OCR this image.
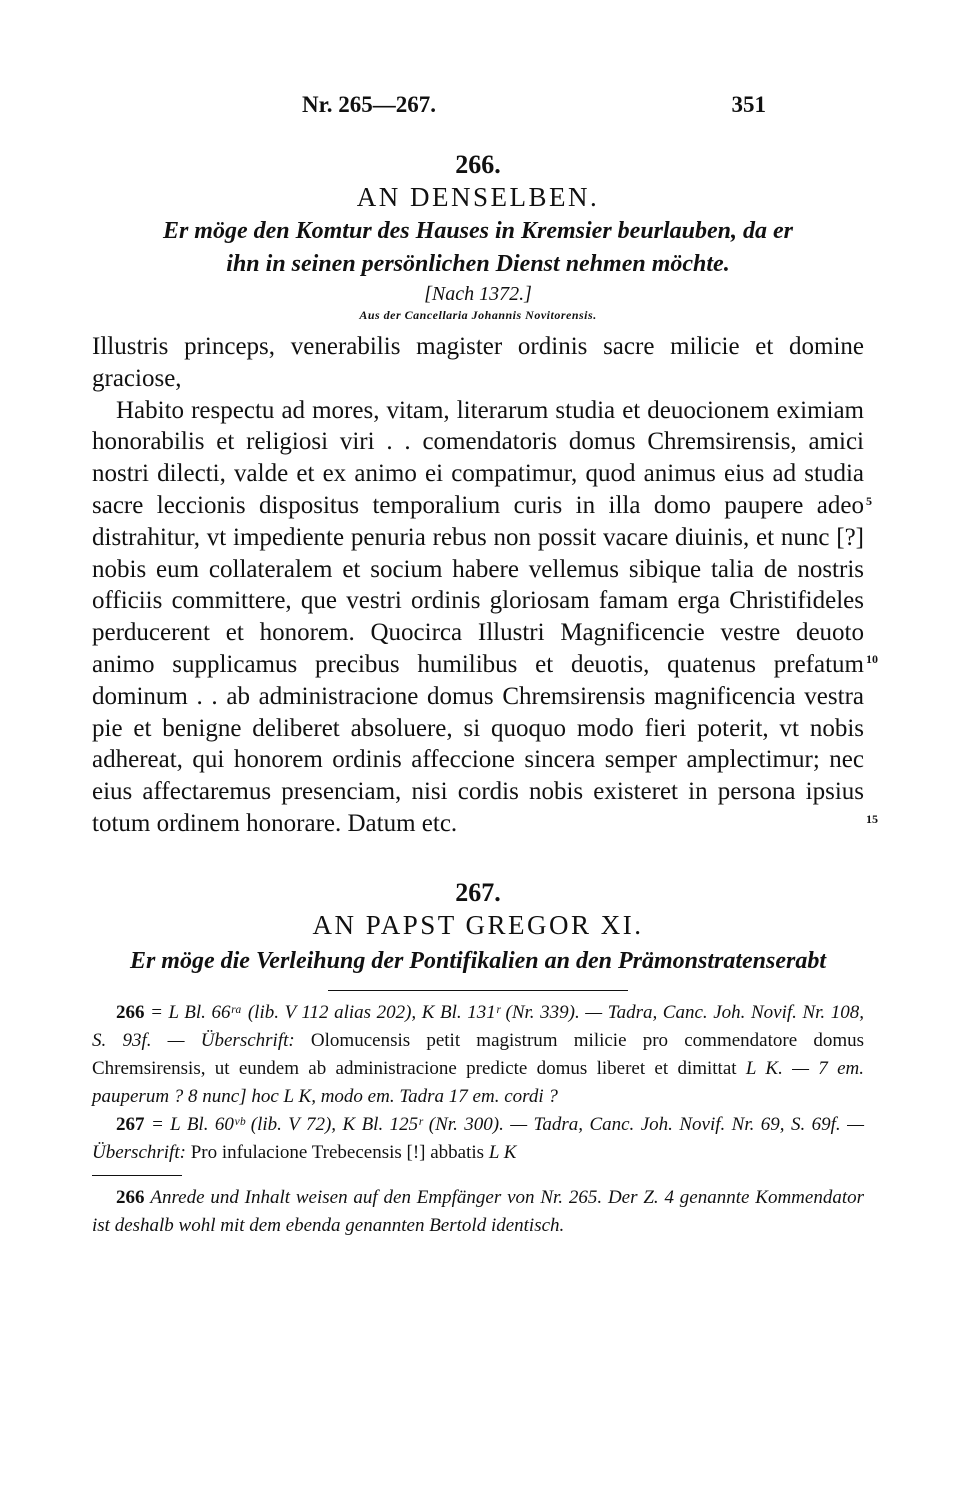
Nr. 265—267.	351
266.
AN DENSELBEN.
Er möge den Komtur des Hauses in Kremsier beurlauben, da er
ihn in seinen persönlichen Dienst nehmen möchte.
[Nach 1372.]
Aus der Cancellaria Johannis Novitorensis.

Illustris princeps, venerabilis magister ordinis sacre milicie et domine graciose,

Habito respectu ad mores, vitam, literarum studia et deuocionem eximiam honorabilis et religiosi viri . . comendatoris domus Chremsirensis, amici nostri dilecti, valde et ex animo ei compatimur, quod animus eius ad studia sacre leccionis dispositus temporalium curis in illa domo paupere adeo distrahitur, vt impediente penuria rebus non possit vacare diuinis, et nunc [?] nobis eum collateralem et socium habere vellemus sibique talia de nostris officiis committere, que vestri ordinis gloriosam famam erga Christifideles perducerent et honorem. Quocirca Illustri Magnificencie vestre deuoto animo supplicamus precibus humilibus et deuotis, quatenus prefatum dominum . . ab administracione domus Chremsirensis magnificencia vestra pie et benigne deliberet absoluere, si quoquo modo fieri poterit, vt nobis adhereat, qui honorem ordinis affeccione sincera semper amplectimur; nec eius affectaremus presenciam, nisi cordis nobis existeret in persona ipsius totum ordinem honorare. Datum etc.

267.
AN PAPST GREGOR XI.
Er möge die Verleihung der Pontifikalien an den Prämonstratenserabt

266 = L Bl. 66ʳᵃ (lib. V 112 alias 202), K Bl. 131ʳ (Nr. 339). — Tadra, Canc. Joh. Novif. Nr. 108, S. 93f. — Überschrift: Olomucensis petit magistrum milicie pro commendatore domus Chremsirensis, ut eundem ab administracione predicte domus liberet et dimittat L K. — 7 em. pauperum ? 8 nunc] hoc L K, modo em. Tadra 17 em. cordi ?

267 = L Bl. 60ᵛᵇ (lib. V 72), K Bl. 125ʳ (Nr. 300). — Tadra, Canc. Joh. Novif. Nr. 69, S. 69f. — Überschrift: Pro infulacione Trebecensis [!] abbatis L K

266 Anrede und Inhalt weisen auf den Empfänger von Nr. 265. Der Z. 4 genannte Kommendator ist deshalb wohl mit dem ebenda genannten Bertold identisch.

5
10
15
